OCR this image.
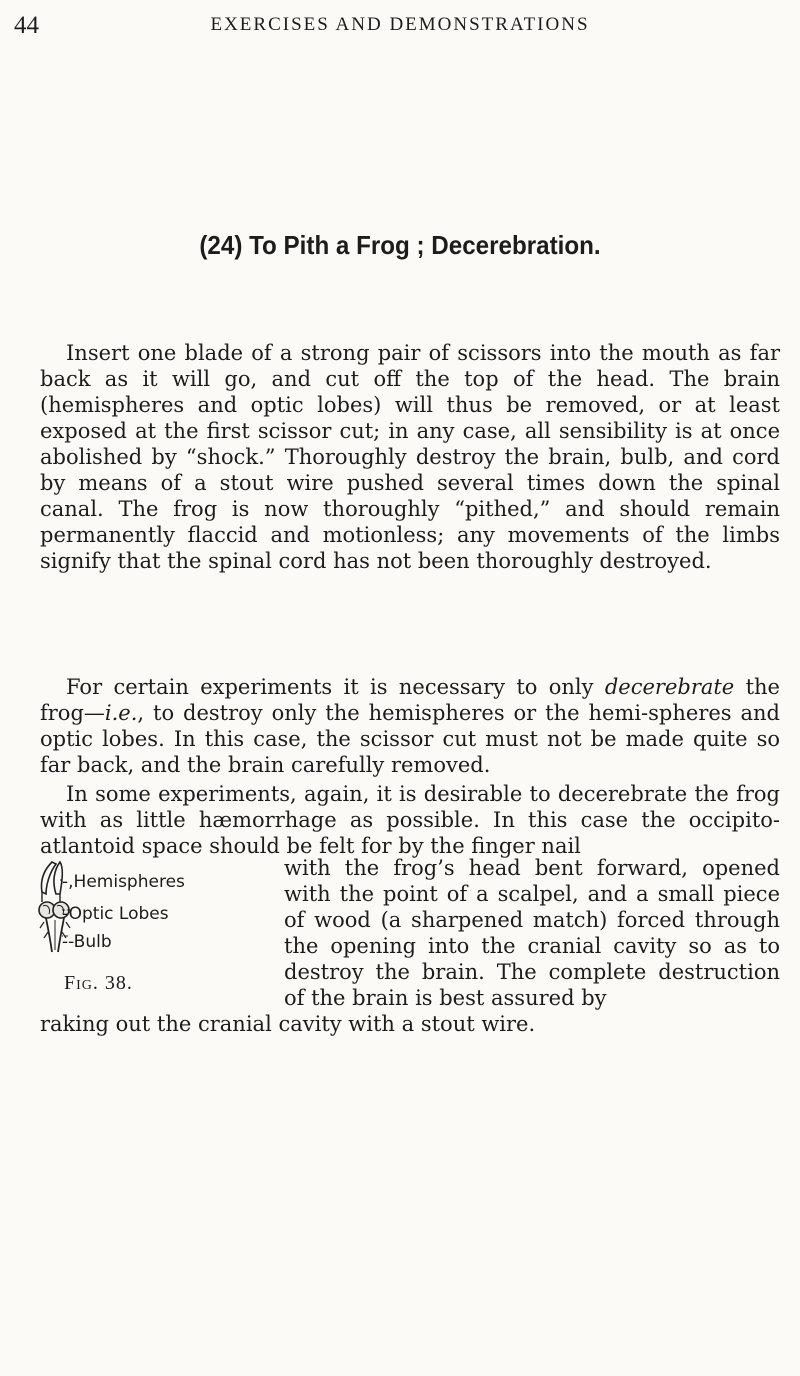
44	EXERCISES AND DEMONSTRATIONS
(24) To Pith a Frog ; Decerebration.
Insert one blade of a strong pair of scissors into the mouth as far back as it will go, and cut off the top of the head. The brain (hemispheres and optic lobes) will thus be removed, or at least exposed at the first scissor cut; in any case, all sensibility is at once abolished by “shock.” Thoroughly destroy the brain, bulb, and cord by means of a stout wire pushed several times down the spinal canal. The frog is now thoroughly “pithed,” and should remain permanently flaccid and motionless; any movements of the limbs signify that the spinal cord has not been thoroughly destroyed.
For certain experiments it is necessary to only decerebrate the frog—i.e., to destroy only the hemispheres or the hemi-spheres and optic lobes. In this case, the scissor cut must not be made quite so far back, and the brain carefully removed.
In some experiments, again, it is desirable to decerebrate the frog with as little hæmorrhage as possible. In this case the occipito-atlantoid space should be felt for by the finger nail
-,Hemispheres
-Optic Lobes
--Bulb
Fig. 38.
with the frog’s head bent forward, opened with the point of a scalpel, and a small piece of wood (a sharpened match) forced through the opening into the cranial cavity so as to destroy the brain. The complete destruction of the brain is best assured by
raking out the cranial cavity with a stout wire.
